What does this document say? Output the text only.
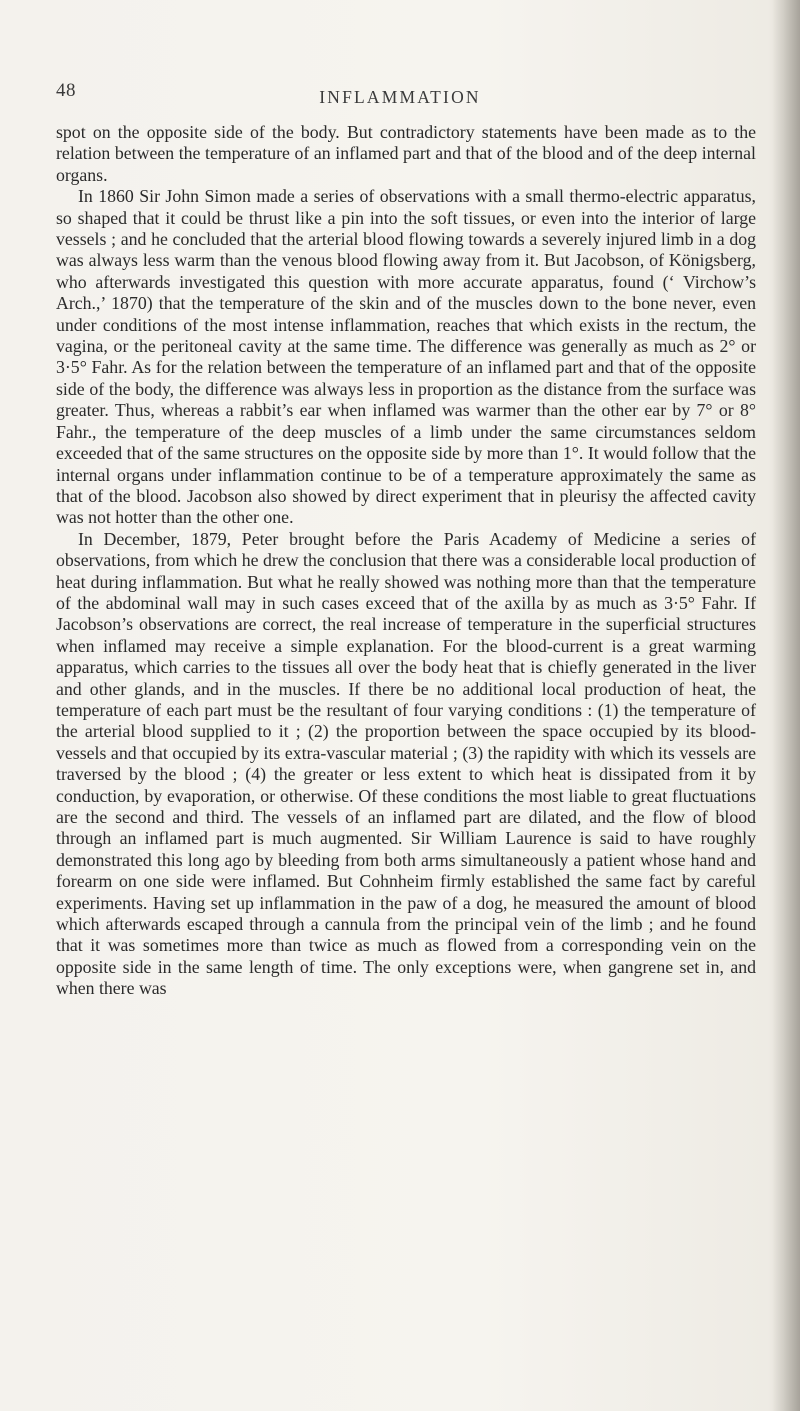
48	INFLAMMATION

spot on the opposite side of the body. But contradictory statements have been made as to the relation between the temperature of an inflamed part and that of the blood and of the deep internal organs.

In 1860 Sir John Simon made a series of observations with a small thermo-electric apparatus, so shaped that it could be thrust like a pin into the soft tissues, or even into the interior of large vessels ; and he concluded that the arterial blood flowing towards a severely injured limb in a dog was always less warm than the venous blood flowing away from it. But Jacobson, of Königsberg, who afterwards investigated this question with more accurate apparatus, found (‘ Virchow’s Arch.,’ 1870) that the temperature of the skin and of the muscles down to the bone never, even under conditions of the most intense inflammation, reaches that which exists in the rectum, the vagina, or the peritoneal cavity at the same time. The difference was generally as much as 2° or 3·5° Fahr. As for the relation between the temperature of an inflamed part and that of the opposite side of the body, the difference was always less in proportion as the distance from the surface was greater. Thus, whereas a rabbit’s ear when inflamed was warmer than the other ear by 7° or 8° Fahr., the temperature of the deep muscles of a limb under the same circumstances seldom exceeded that of the same structures on the opposite side by more than 1°. It would follow that the internal organs under inflammation continue to be of a temperature approximately the same as that of the blood. Jacobson also showed by direct experiment that in pleurisy the affected cavity was not hotter than the other one.

In December, 1879, Peter brought before the Paris Academy of Medicine a series of observations, from which he drew the conclusion that there was a considerable local production of heat during inflammation. But what he really showed was nothing more than that the temperature of the abdominal wall may in such cases exceed that of the axilla by as much as 3·5° Fahr. If Jacobson’s observations are correct, the real increase of temperature in the superficial structures when inflamed may receive a simple explanation. For the blood-current is a great warming apparatus, which carries to the tissues all over the body heat that is chiefly generated in the liver and other glands, and in the muscles. If there be no additional local production of heat, the temperature of each part must be the resultant of four varying conditions : (1) the temperature of the arterial blood supplied to it ; (2) the proportion between the space occupied by its blood-vessels and that occupied by its extra-vascular material ; (3) the rapidity with which its vessels are traversed by the blood ; (4) the greater or less extent to which heat is dissipated from it by conduction, by evaporation, or otherwise. Of these conditions the most liable to great fluctuations are the second and third. The vessels of an inflamed part are dilated, and the flow of blood through an inflamed part is much augmented. Sir William Laurence is said to have roughly demonstrated this long ago by bleeding from both arms simultaneously a patient whose hand and forearm on one side were inflamed. But Cohnheim firmly established the same fact by careful experiments. Having set up inflammation in the paw of a dog, he measured the amount of blood which afterwards escaped through a cannula from the principal vein of the limb ; and he found that it was sometimes more than twice as much as flowed from a corresponding vein on the opposite side in the same length of time. The only exceptions were, when gangrene set in, and when there was
